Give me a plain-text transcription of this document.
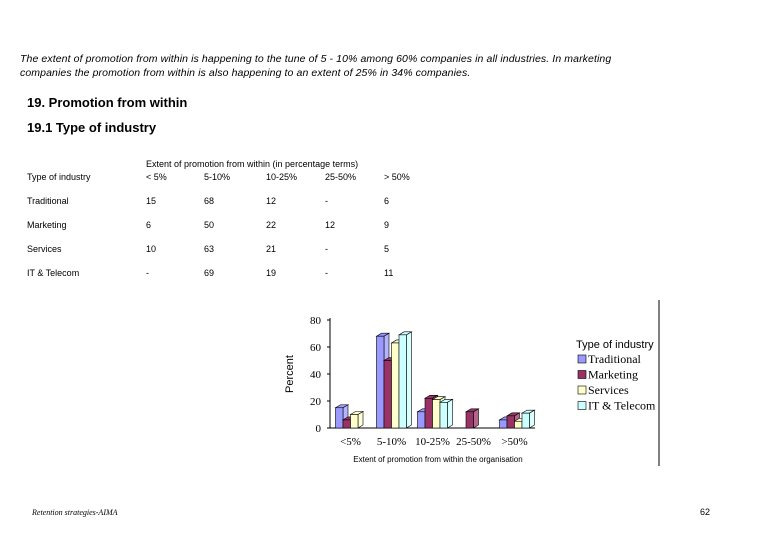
The extent of promotion from within is happening to the tune of 5 - 10% among 60% companies in all industries. In marketing companies the promotion from within is also happening to an extent of 25% in 34% companies.
19. Promotion from within
19.1 Type of industry
Type of industry
Extent of promotion from within (in percentage terms)
< 5%	5-10%	10-25%	25-50%	> 50%
Traditional	15	68	12	-	6
Marketing	6	50	22	12	9
Services	10	63	21	-	5
IT & Telecom	-	69	19	-	11
0
20
40
60
80
<5% 5-10% 10-25% 25-50% >50%
Percent
Extent of promotion from within the organisation
Type of industry
Traditional
Marketing
Services
IT & Telecom
Retention strategies-AIMA	62
